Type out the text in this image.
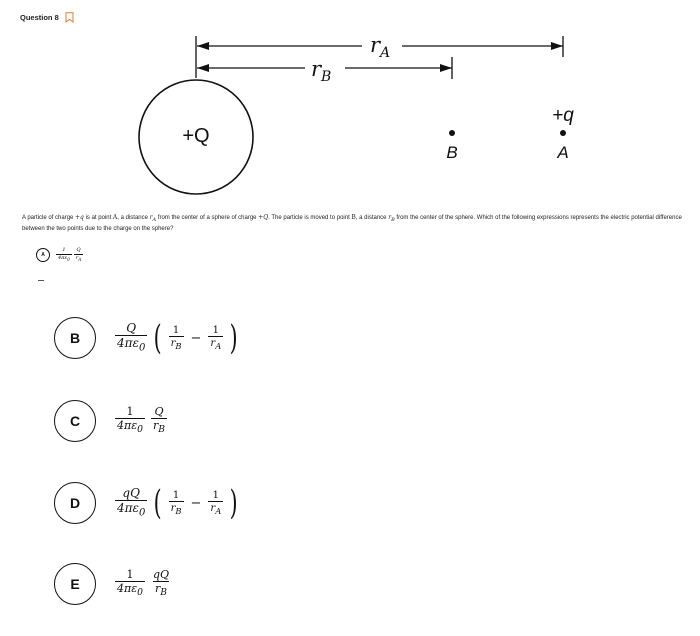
Question 8
+Q
$r_A$
$r_B$
B
+q
A
A particle of charge +q is at point A, a distance $r_A$ from the center of a sphere of charge +Q. The particle is moved to point B, a distance $r_B$ from the center of the sphere. Which of the following expressions represents the electric potential difference between the two points due to the charge on the sphere?
A	$\frac{1}{4\pi\varepsilon_0} \frac{Q}{r_A}$
B	$\frac{Q}{4\pi\varepsilon_0}$ ( $\frac{1}{r_B} - \frac{1}{r_A}$ )
C	$\frac{1}{4\pi\varepsilon_0} \frac{Q}{r_B}$
D	$\frac{qQ}{4\pi\varepsilon_0}$ ( $\frac{1}{r_B} - \frac{1}{r_A}$ )
E	$\frac{1}{4\pi\varepsilon_0} \frac{qQ}{r_B}$
